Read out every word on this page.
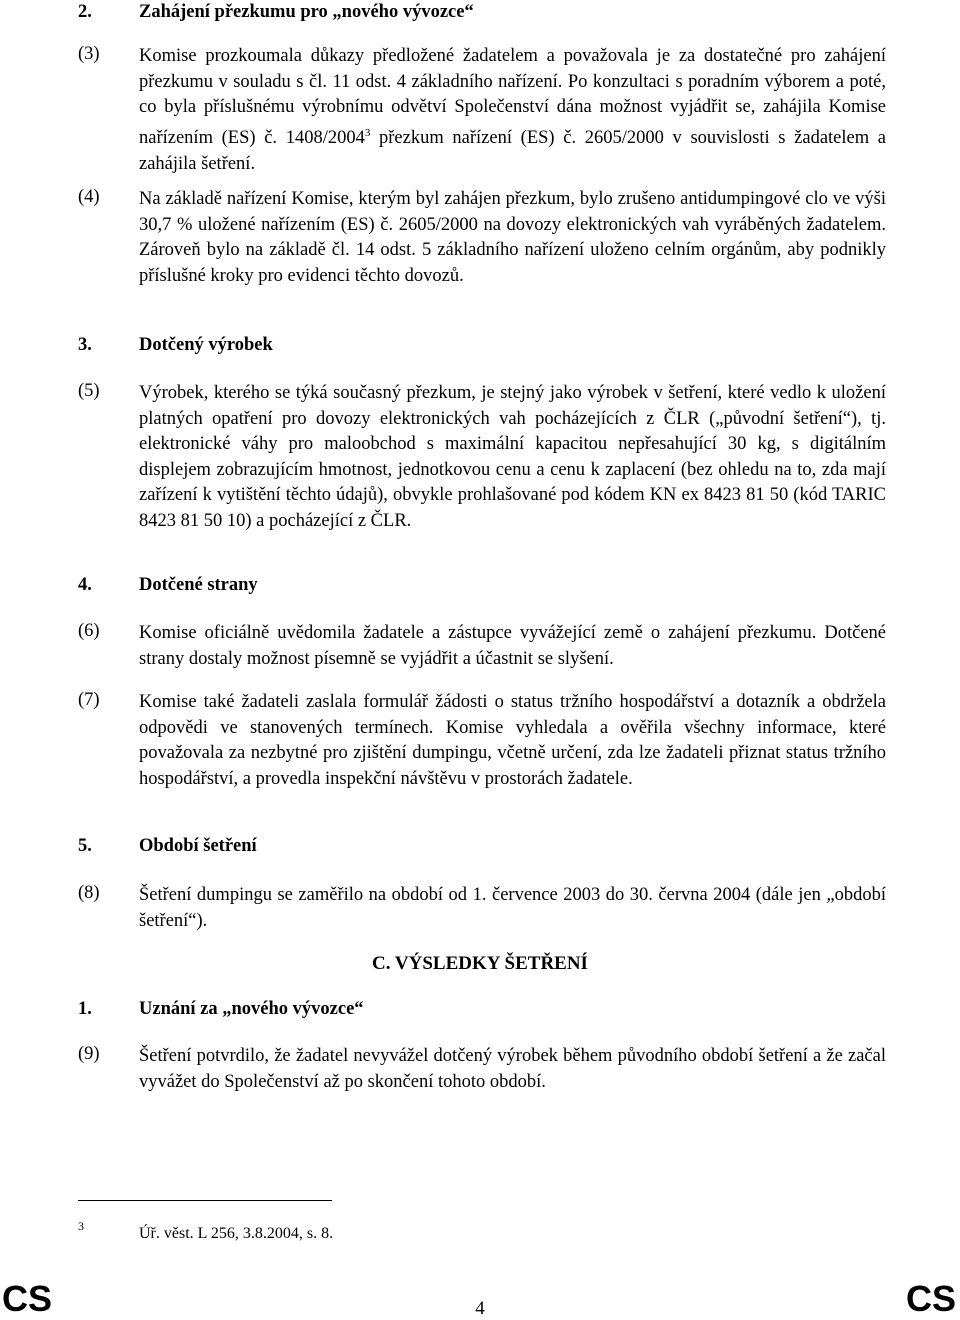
2.	Zahájení přezkumu pro „nového vývozce“
(3) Komise prozkoumala důkazy předložené žadatelem a považovala je za dostatečné pro zahájení přezkumu v souladu s čl. 11 odst. 4 základního nařízení. Po konzultaci s poradním výborem a poté, co byla příslušnému výrobnímu odvětví Společenství dána možnost vyjádřit se, zahájila Komise nařízením (ES) č. 1408/2004$^3$ přezkum nařízení (ES) č. 2605/2000 v souvislosti s žadatelem a zahájila šetření.
(4) Na základě nařízení Komise, kterým byl zahájen přezkum, bylo zrušeno antidumpingové clo ve výši 30,7 % uložené nařízením (ES) č. 2605/2000 na dovozy elektronických vah vyráběných žadatelem. Zároveň bylo na základě čl. 14 odst. 5 základního nařízení uloženo celním orgánům, aby podnikly příslušné kroky pro evidenci těchto dovozů.
3.	Dotčený výrobek
(5) Výrobek, kterého se týká současný přezkum, je stejný jako výrobek v šetření, které vedlo k uložení platných opatření pro dovozy elektronických vah pocházejících z ČLR („původní šetření“), tj. elektronické váhy pro maloobchod s maximální kapacitou nepřesahující 30 kg, s digitálním displejem zobrazujícím hmotnost, jednotkovou cenu a cenu k zaplacení (bez ohledu na to, zda mají zařízení k vytištění těchto údajů), obvykle prohlašované pod kódem KN ex 8423 81 50 (kód TARIC 8423 81 50 10) a pocházející z ČLR.
4.	Dotčené strany
(6) Komise oficiálně uvědomila žadatele a zástupce vyvážející země o zahájení přezkumu. Dotčené strany dostaly možnost písemně se vyjádřit a účastnit se slyšení.
(7) Komise také žadateli zaslala formulář žádosti o status tržního hospodářství a dotazník a obdržela odpovědi ve stanovených termínech. Komise vyhledala a ověřila všechny informace, které považovala za nezbytné pro zjištění dumpingu, včetně určení, zda lze žadateli přiznat status tržního hospodářství, a provedla inspekční návštěvu v prostorách žadatele.
5.	Období šetření
(8) Šetření dumpingu se zaměřilo na období od 1. července 2003 do 30. června 2004 (dále jen „období šetření“).
C. VÝSLEDKY ŠETŘENÍ
1.	Uznání za „nového vývozce“
(9) Šetření potvrdilo, že žadatel nevyvážel dotčený výrobek během původního období šetření a že začal vyvážet do Společenství až po skončení tohoto období.
3	Úř. věst. L 256, 3.8.2004, s. 8.
CS	4	CS
